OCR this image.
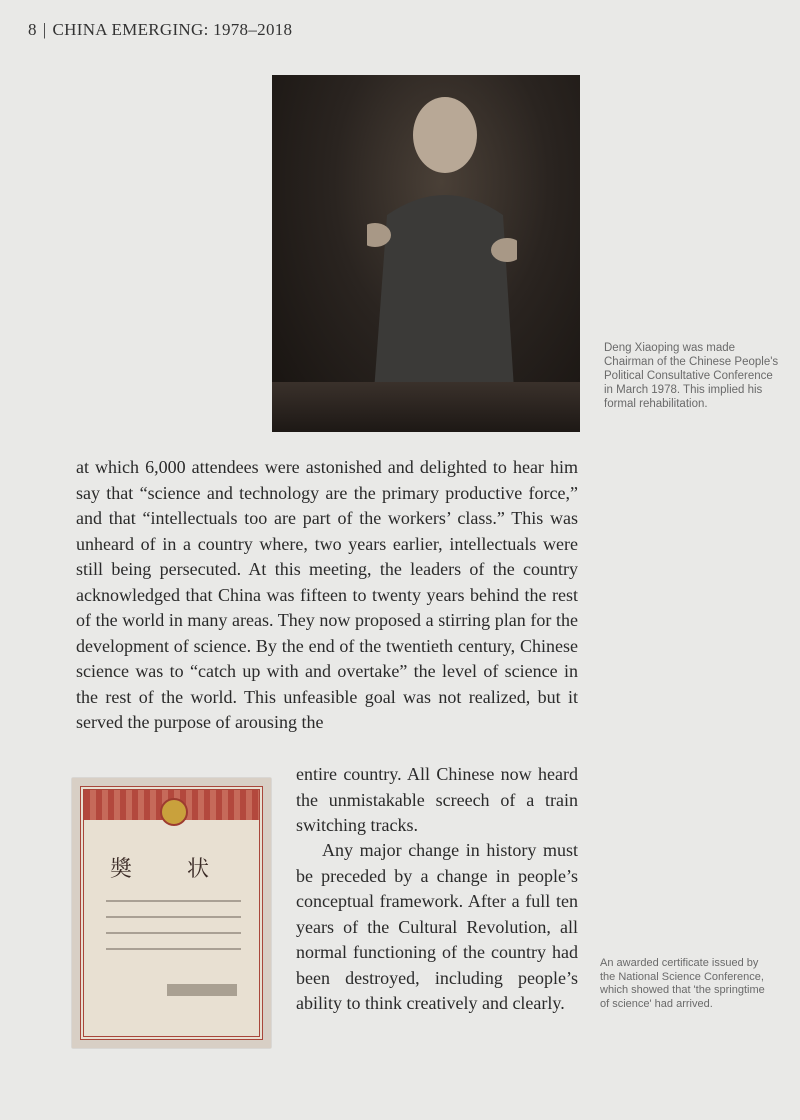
8 | CHINA EMERGING: 1978–2018
Deng Xiaoping was made Chairman of the Chinese People's Political Consultative Conference in March 1978. This implied his formal rehabilitation.
at which 6,000 attendees were astonished and delighted to hear him say that “science and technology are the primary productive force,” and that “intellectuals too are part of the workers’ class.” This was unheard of in a country where, two years earlier, intellectuals were still being persecuted. At this meeting, the leaders of the country acknowledged that China was fifteen to twenty years behind the rest of the world in many areas. They now proposed a stirring plan for the development of science. By the end of the twentieth century, Chinese science was to “catch up with and overtake” the level of science in the rest of the world. This unfeasible goal was not realized, but it served the purpose of arousing the
奬 状
entire country. All Chinese now heard the unmistakable screech of a train switching tracks.
Any major change in history must be preceded by a change in people’s conceptual framework. After a full ten years of the Cultural Revolution, all normal functioning of the country had been destroyed, including people’s ability to think creatively and clearly.
An awarded certificate issued by the National Science Conference, which showed that 'the springtime of science' had arrived.
